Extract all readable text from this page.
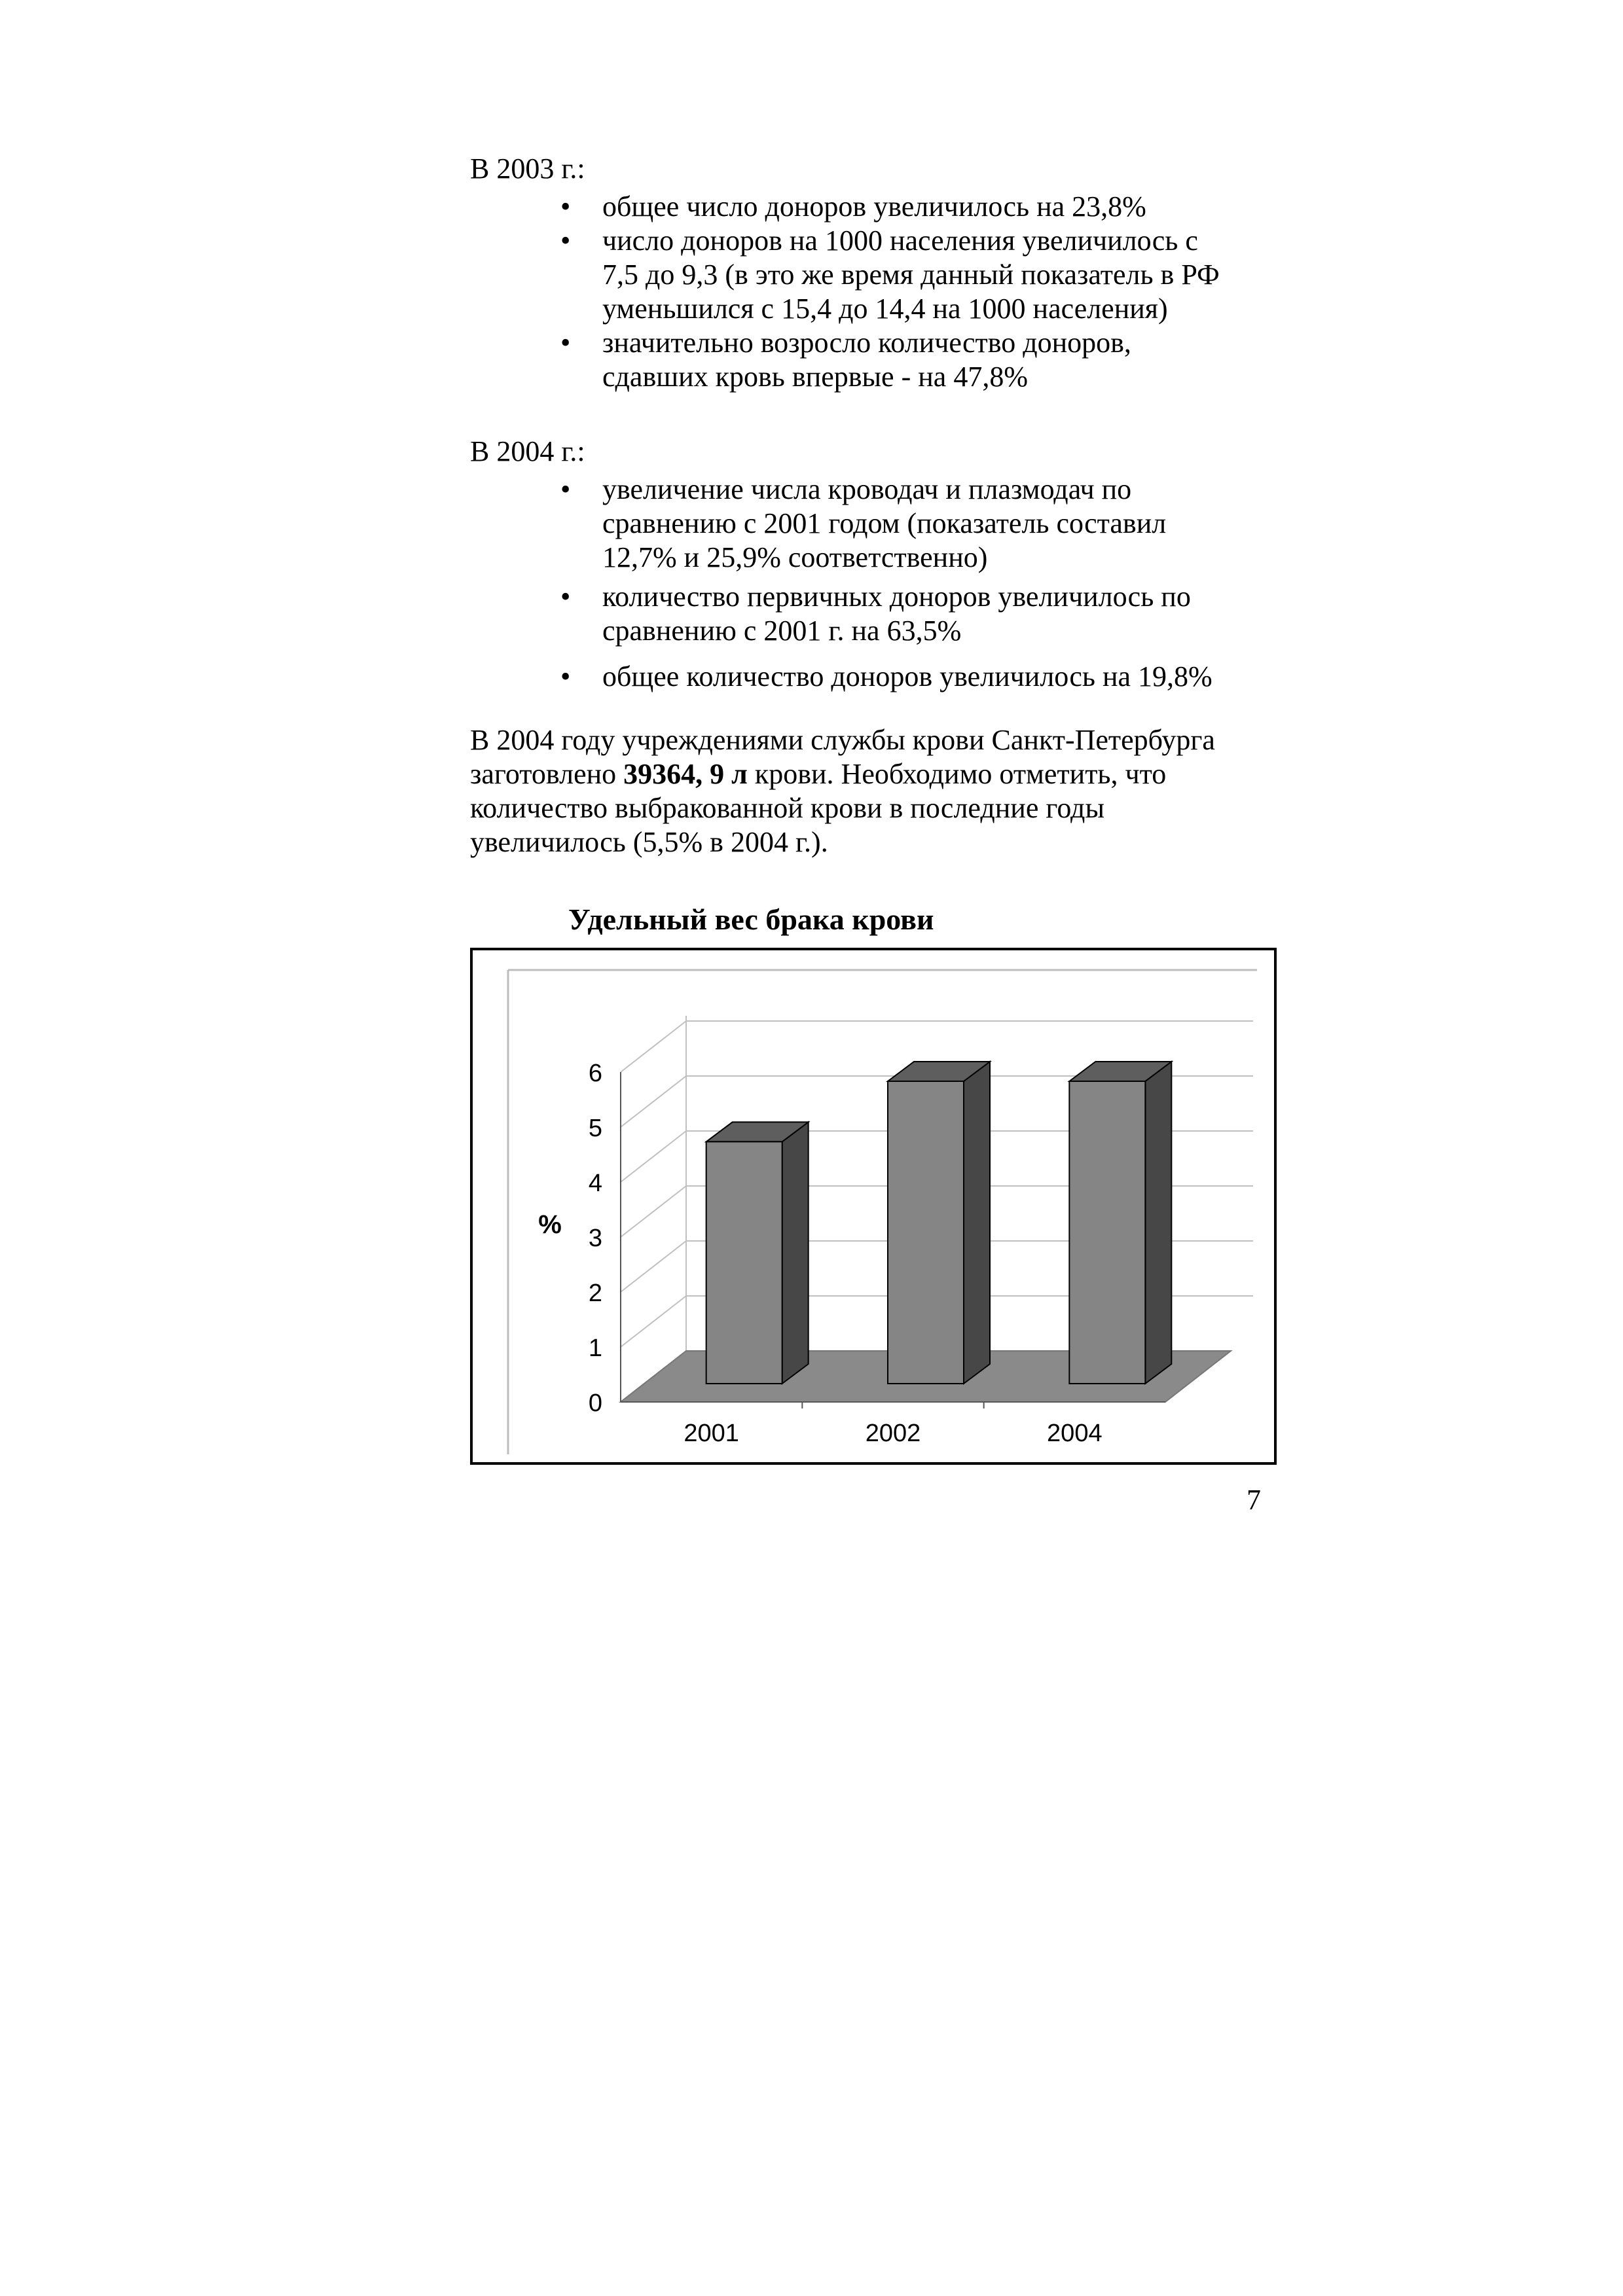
В 2003 г.:
• общее число доноров увеличилось на 23,8%
• число доноров на 1000 населения увеличилось с
7,5 до 9,3 (в это же время данный показатель в РФ
уменьшился с 15,4 до 14,4 на 1000 населения)
• значительно возросло количество доноров,
сдавших кровь впервые - на 47,8%
В 2004 г.:
• увеличение числа кроводач и плазмодач по
сравнению с 2001 годом (показатель составил
12,7% и 25,9% соответственно)
• количество первичных доноров увеличилось по
сравнению с 2001 г. на 63,5%
• общее количество доноров увеличилось на 19,8%
В 2004 году учреждениями службы крови Санкт-Петербурга
заготовлено 39364, 9 л крови. Необходимо отметить, что
количество выбракованной крови в последние годы
увеличилось (5,5% в 2004 г.).
Удельный вес брака крови
0
1
2
3
4
5
6
%
2001	2002	2004
7
